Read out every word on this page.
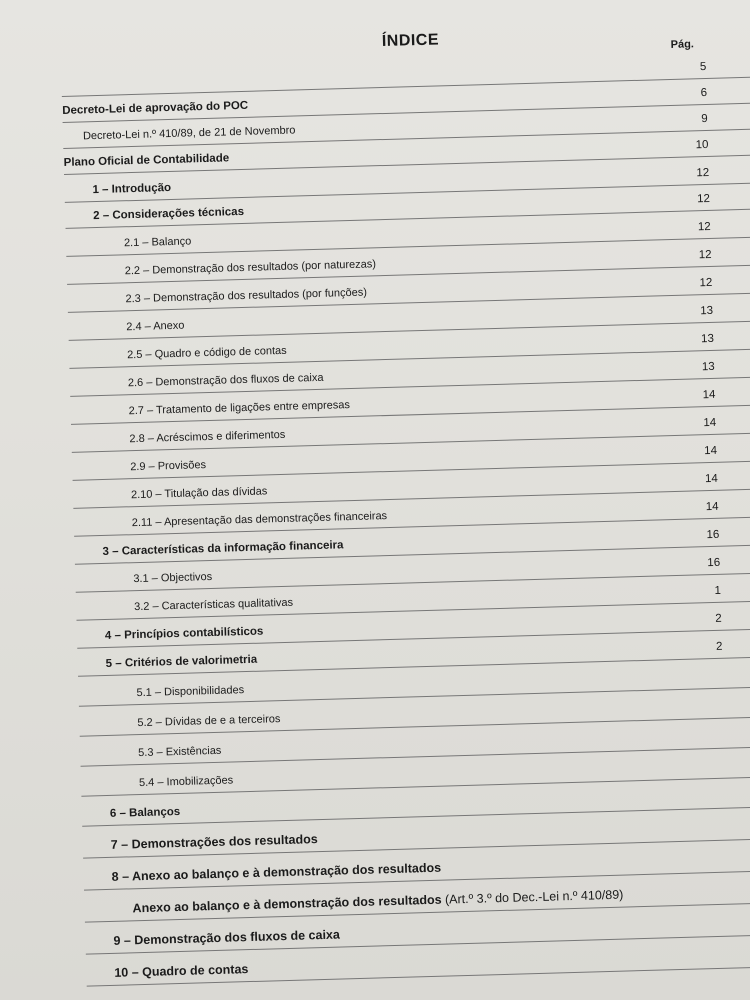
ÍNDICE	Pág.
5
Decreto-Lei de aprovação do POC
6
Decreto-Lei n.º 410/89, de 21 de Novembro
9
Plano Oficial de Contabilidade
10
1 – Introdução
12
2 – Considerações técnicas
12
2.1 – Balanço
12
2.2 – Demonstração dos resultados (por naturezas)
12
2.3 – Demonstração dos resultados (por funções)
12
2.4 – Anexo
13
2.5 – Quadro e código de contas
13
2.6 – Demonstração dos fluxos de caixa
13
2.7 – Tratamento de ligações entre empresas
14
2.8 – Acréscimos e diferimentos
14
2.9 – Provisões
14
2.10 – Titulação das dívidas
14
2.11 – Apresentação das demonstrações financeiras
14
3 – Características da informação financeira
16
3.1 – Objectivos
16
3.2 – Características qualitativas
1
4 – Princípios contabilísticos
2
5 – Critérios de valorimetria
2
5.1 – Disponibilidades
5.2 – Dívidas de e a terceiros
5.3 – Existências
5.4 – Imobilizações
6 – Balanços
7 – Demonstrações dos resultados
8 – Anexo ao balanço e à demonstração dos resultados
Anexo ao balanço e à demonstração dos resultados (Art.º 3.º do Dec.-Lei n.º 410/89)
9 – Demonstração dos fluxos de caixa
10 – Quadro de contas
